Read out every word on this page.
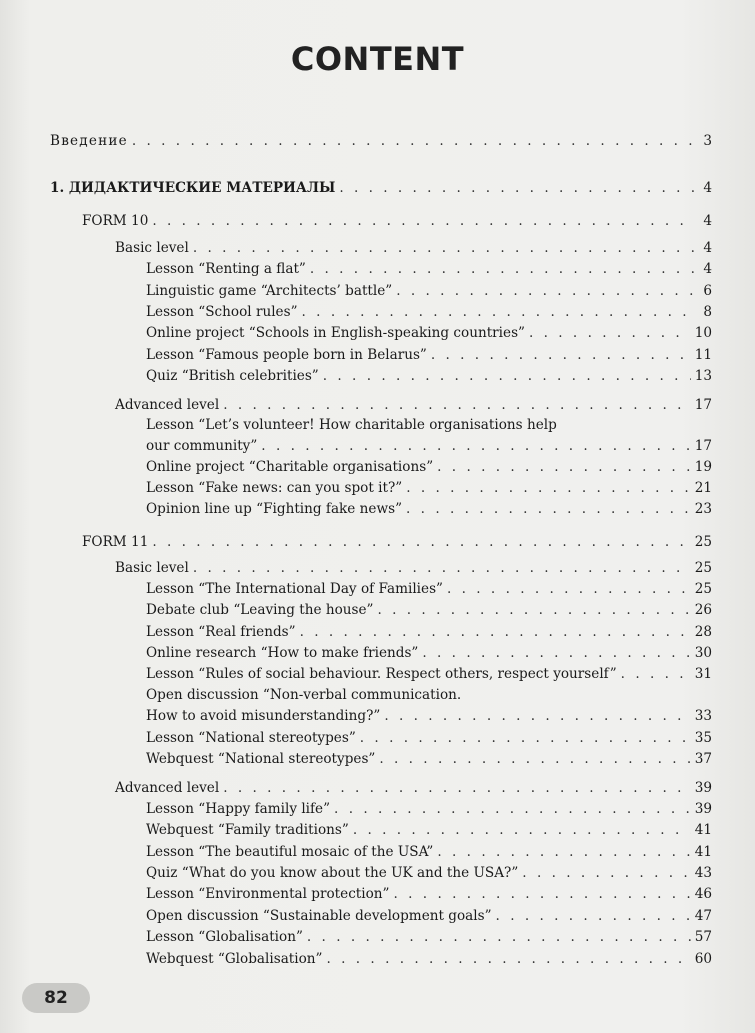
CONTENT
Введение . . .	3
1. ДИДАКТИЧЕСКИЕ МАТЕРИАЛЫ . . .	4
FORM 10 . . .	4
Basic level . . .	4
Lesson “Renting a flat” . . .	4
Linguistic game “Architects’ battle” . . .	6
Lesson “School rules” . . .	8
Online project “Schools in English-speaking countries” . . .	10
Lesson “Famous people born in Belarus” . . .	11
Quiz “British celebrities” . . .	13
Advanced level . . .	17
Lesson “Let’s volunteer! How charitable organisations help
our community” . . .	17
Online project “Charitable organisations” . . .	19
Lesson “Fake news: can you spot it?” . . .	21
Opinion line up “Fighting fake news” . . .	23
FORM 11 . . .	25
Basic level . . .	25
Lesson “The International Day of Families” . . .	25
Debate club “Leaving the house” . . .	26
Lesson “Real friends” . . .	28
Online research “How to make friends” . . .	30
Lesson “Rules of social behaviour. Respect others, respect yourself” . . .	31
Open discussion “Non-verbal communication.
How to avoid misunderstanding?” . . .	33
Lesson “National stereotypes” . . .	35
Webquest “National stereotypes” . . .	37
Advanced level . . .	39
Lesson “Happy family life” . . .	39
Webquest “Family traditions” . . .	41
Lesson “The beautiful mosaic of the USA” . . .	41
Quiz “What do you know about the UK and the USA?” . . .	43
Lesson “Environmental protection” . . .	46
Open discussion “Sustainable development goals” . . .	47
Lesson “Globalisation” . . .	57
Webquest “Globalisation” . . .	60
82
